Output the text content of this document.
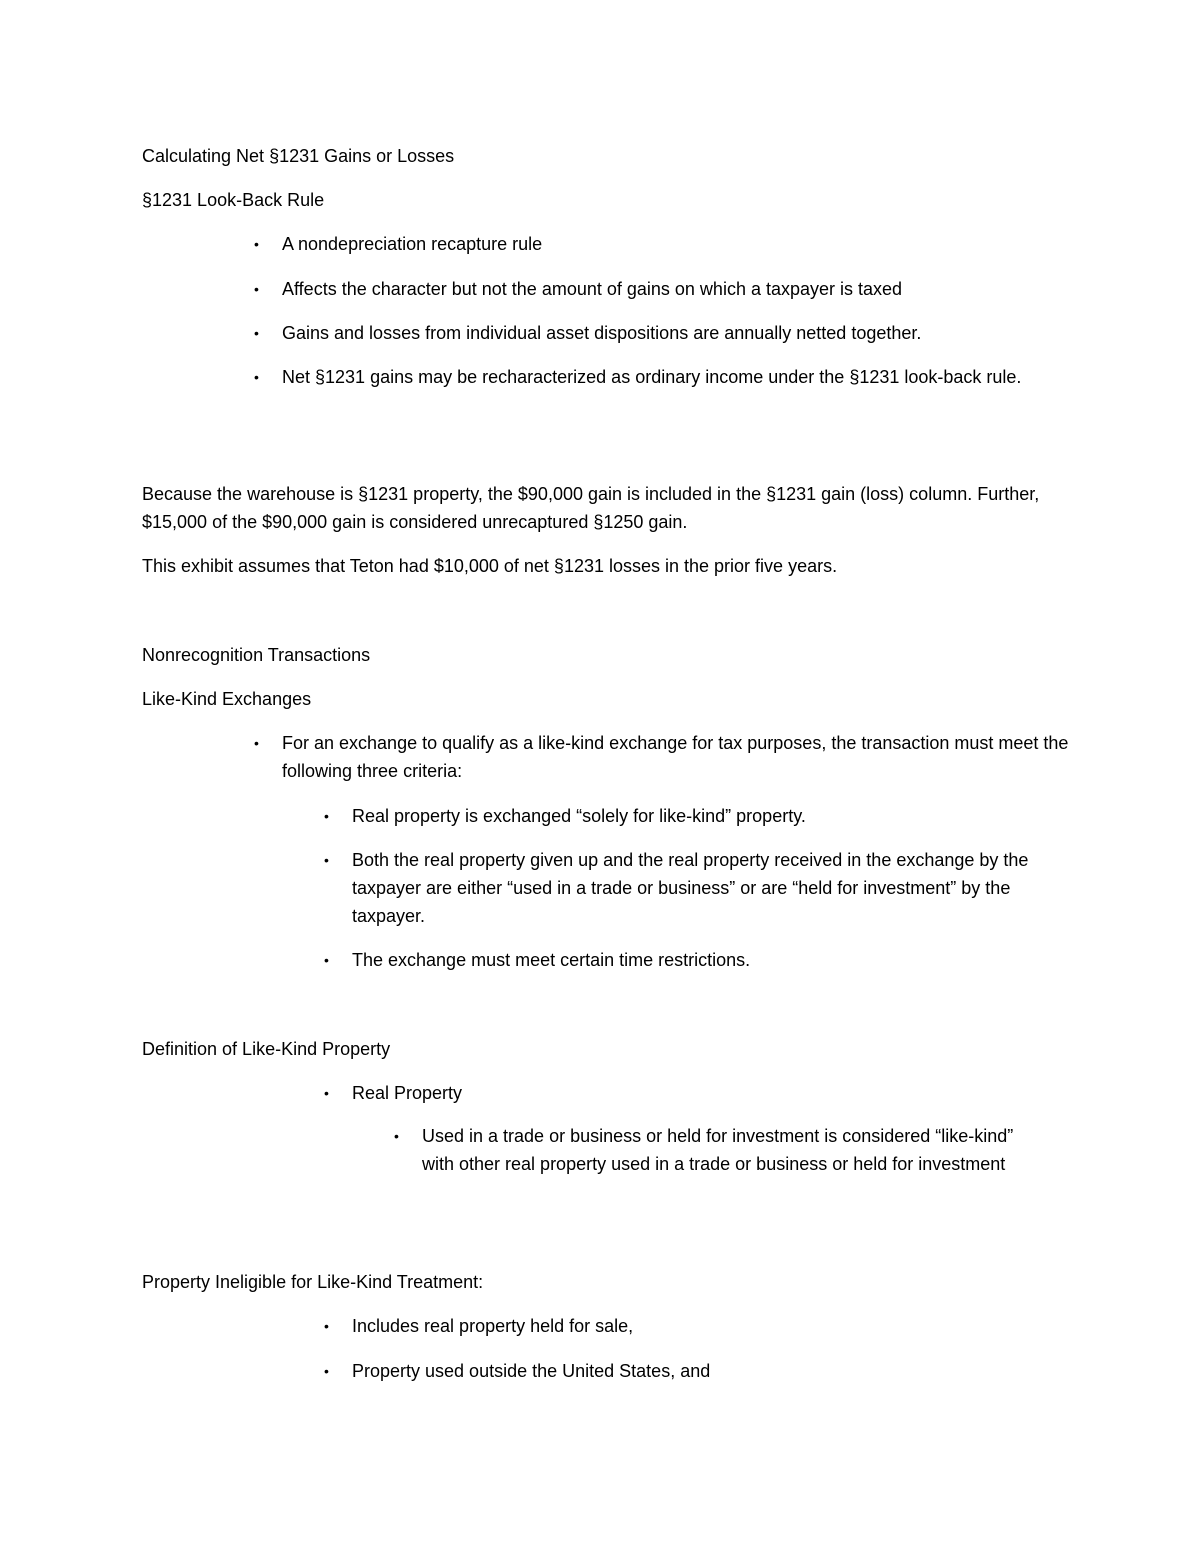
Calculating Net §1231 Gains or Losses
§1231 Look-Back Rule
•	A nondepreciation recapture rule
•	Affects the character but not the amount of gains on which a taxpayer is taxed
•	Gains and losses from individual asset dispositions are annually netted together.
•	Net §1231 gains may be recharacterized as ordinary income under the §1231 look-back rule.
Because the warehouse is §1231 property, the $90,000 gain is included in the §1231 gain (loss) column. Further, $15,000 of the $90,000 gain is considered unrecaptured §1250 gain.
This exhibit assumes that Teton had $10,000 of net §1231 losses in the prior five years.
Nonrecognition Transactions
Like-Kind Exchanges
•	For an exchange to qualify as a like-kind exchange for tax purposes, the transaction must meet the following three criteria:
•	Real property is exchanged “solely for like-kind” property.
•	Both the real property given up and the real property received in the exchange by the taxpayer are either “used in a trade or business” or are “held for investment” by the taxpayer.
•	The exchange must meet certain time restrictions.
Definition of Like-Kind Property
•	Real Property
•	Used in a trade or business or held for investment is considered “like-kind” with other real property used in a trade or business or held for investment
Property Ineligible for Like-Kind Treatment:
•	Includes real property held for sale,
•	Property used outside the United States, and
